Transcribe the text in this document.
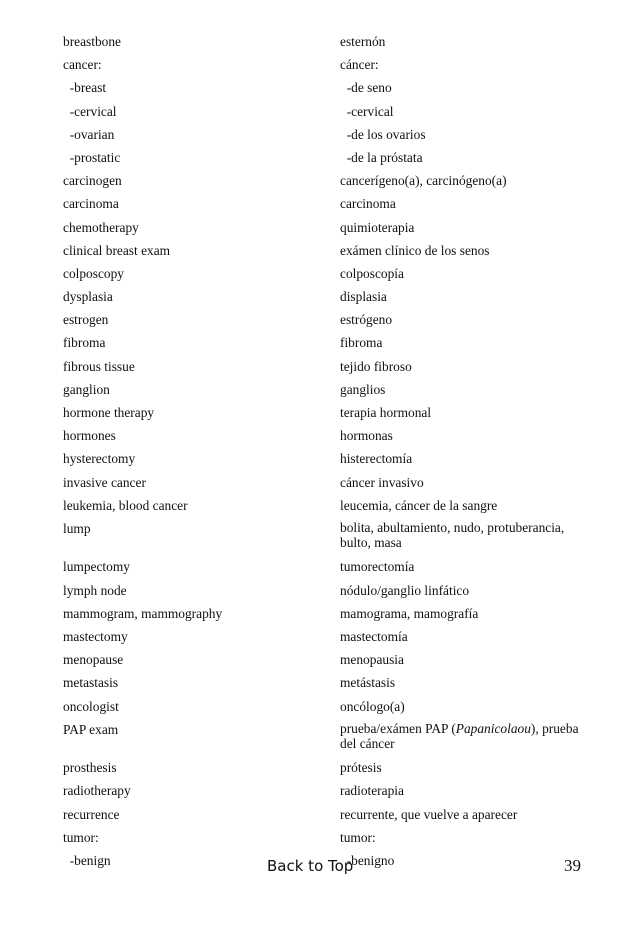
breastbone	esternón
cancer:	cáncer:
-breast	-de seno
-cervical	-cervical
-ovarian	-de los ovarios
-prostatic	-de la próstata
carcinogen	cancerígeno(a), carcinógeno(a)
carcinoma	carcinoma
chemotherapy	quimioterapia
clinical breast exam	exámen clínico de los senos
colposcopy	colposcopía
dysplasia	displasia
estrogen	estrógeno
fibroma	fibroma
fibrous tissue	tejido fibroso
ganglion	ganglios
hormone therapy	terapia hormonal
hormones	hormonas
hysterectomy	histerectomía
invasive cancer	cáncer invasivo
leukemia, blood cancer	leucemia, cáncer de la sangre
lump	bolita, abultamiento, nudo, protuberancia, bulto, masa
lumpectomy	tumorectomía
lymph node	nódulo/ganglio linfático
mammogram, mammography	mamograma, mamografía
mastectomy	mastectomía
menopause	menopausia
metastasis	metástasis
oncologist	oncólogo(a)
PAP exam	prueba/exámen PAP (Papanicolaou), prueba del cáncer
prosthesis	prótesis
radiotherapy	radioterapia
recurrence	recurrente, que vuelve a aparecer
tumor:	tumor:
-benign	-benigno
Back to Top	39
